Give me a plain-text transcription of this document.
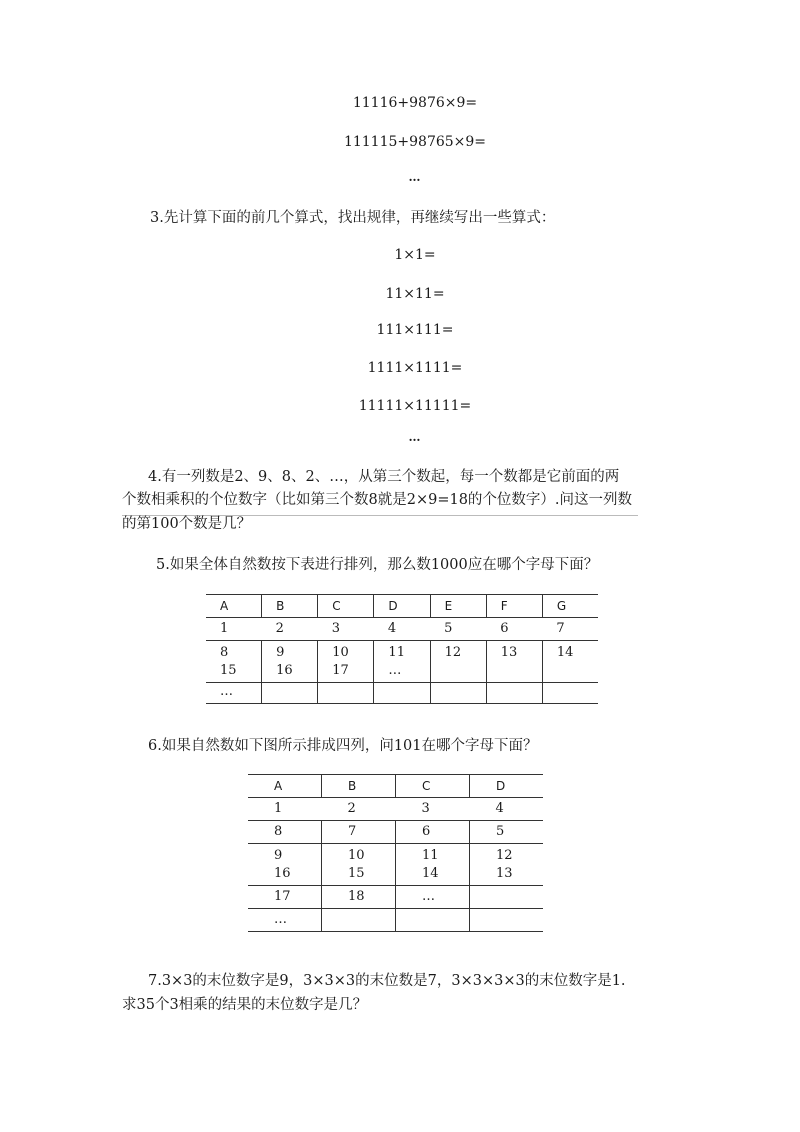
11116+9876×9=
111115+98765×9=
…
3.先计算下面的前几个算式，找出规律，再继续写出一些算式：
1×1=
11×11=
111×111=
1111×1111=
11111×11111=
…
4.有一列数是2、9、8、2、…，从第三个数起，每一个数都是它前面的两
个数相乘积的个位数字（比如第三个数8就是2×9=18的个位数字）.问这一列数
的第100个数是几？
5.如果全体自然数按下表进行排列，那么数1000应在哪个字母下面？
A	B	C	D	E	F	G
1	2	3	4	5	6	7
8	9	10	11	12	13	14
15	16	17	…			
…						
6.如果自然数如下图所示排成四列，问101在哪个字母下面？
A	B	C	D
1	2	3	4
8	7	6	5
9	10	11	12
16	15	14	13
17	18	…	
…			
7.3×3的末位数字是9，3×3×3的末位数是7，3×3×3×3的末位数字是1.
求35个3相乘的结果的末位数字是几？
